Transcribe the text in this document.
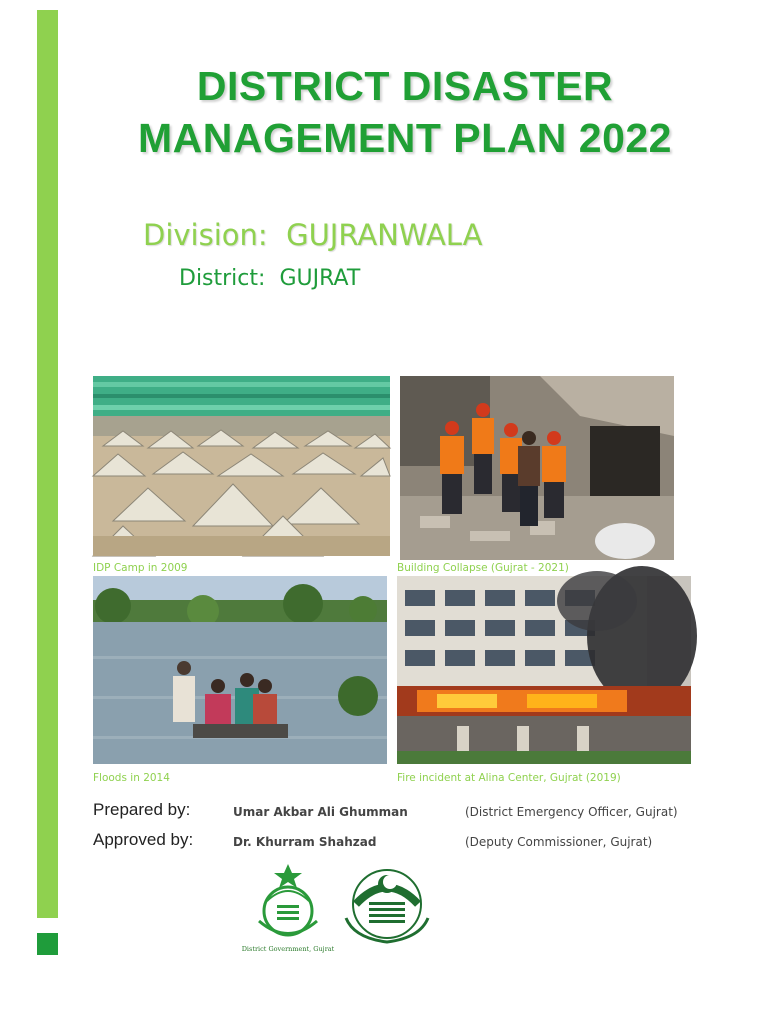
DISTRICT DISASTER
MANAGEMENT PLAN 2022
Division: GUJRANWALA
District: GUJRAT
IDP Camp in 2009	Building Collapse (Gujrat - 2021)
Floods in 2014	Fire incident at Alina Center, Gujrat (2019)
Prepared by:	Umar Akbar Ali Ghumman	(District Emergency Officer, Gujrat)
Approved by:	Dr. Khurram Shahzad	(Deputy Commissioner, Gujrat)
District Government, Gujrat
